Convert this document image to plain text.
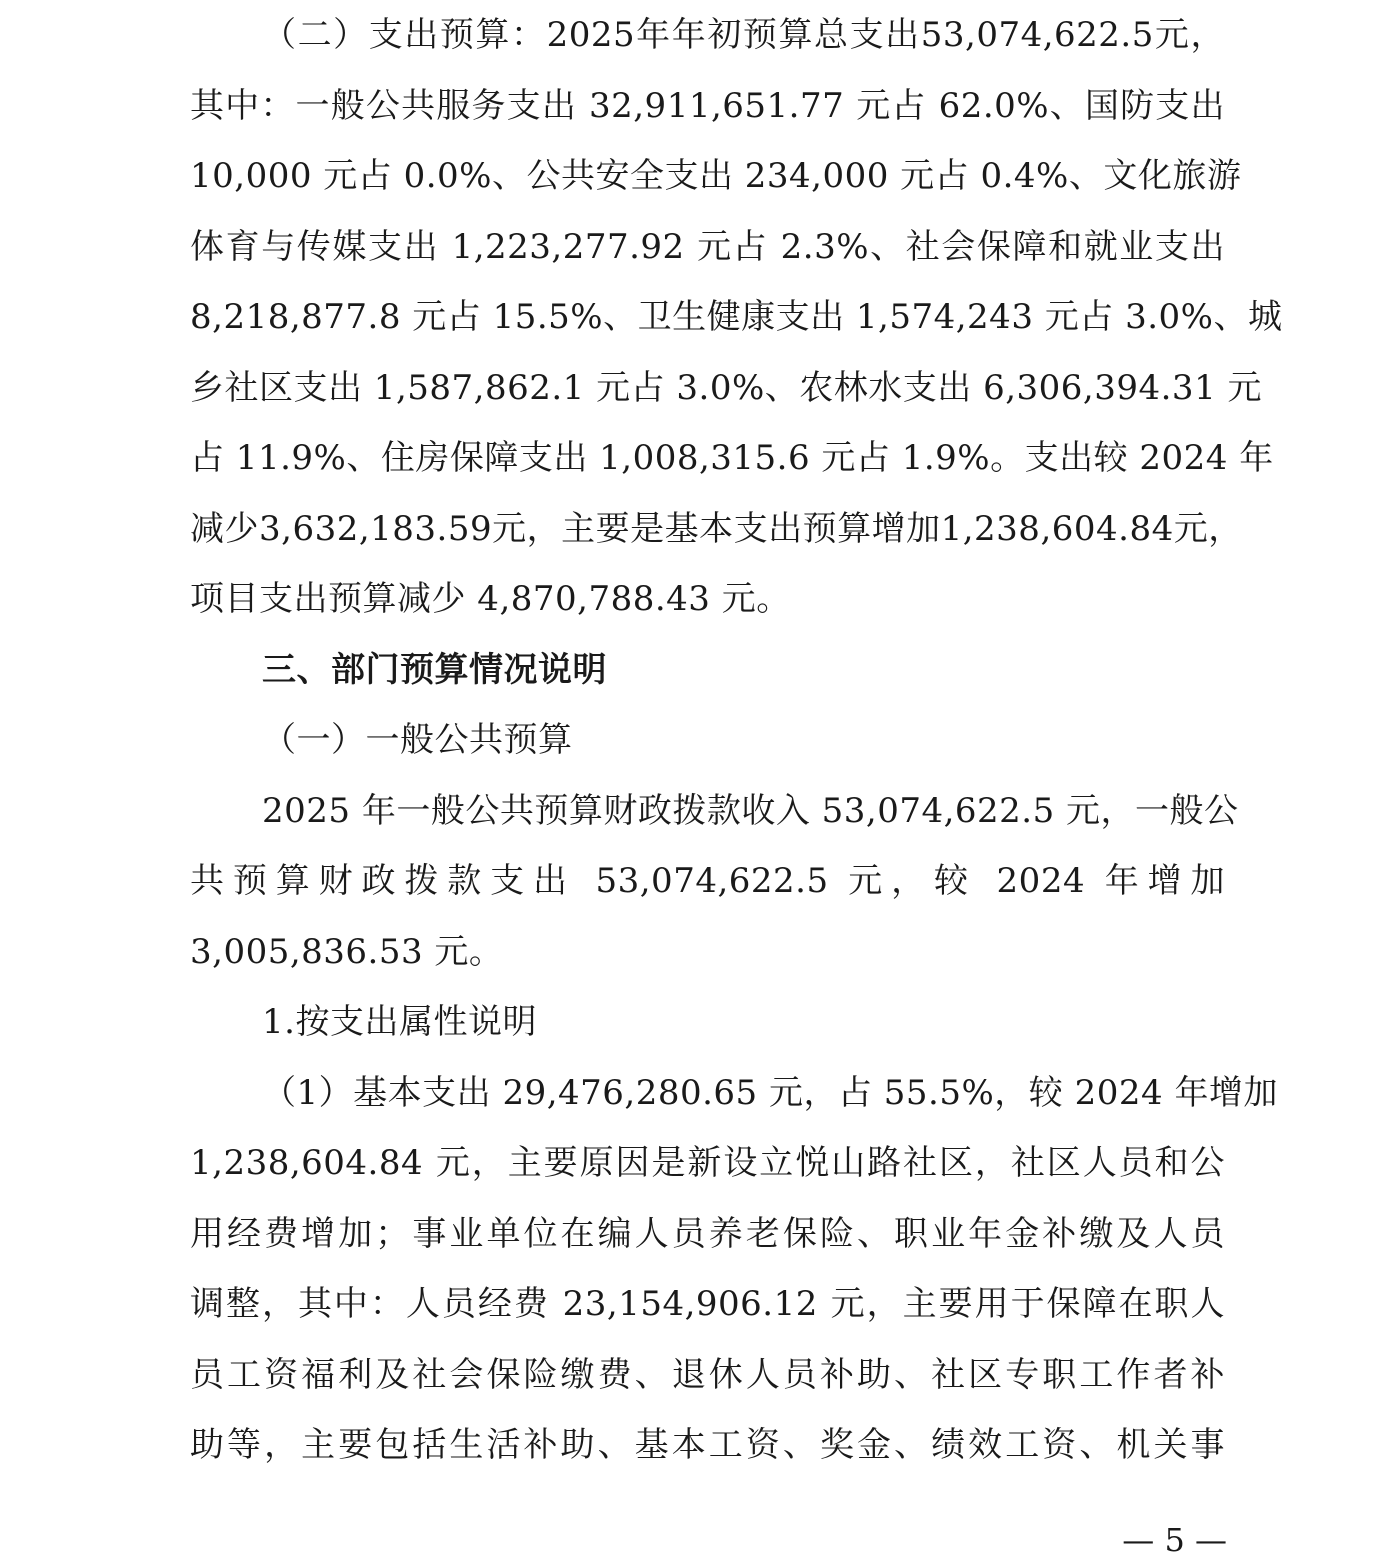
（二）支出预算：2025年年初预算总支出53,074,622.5元，
其中：一般公共服务支出 32,911,651.77 元占 62.0%、国防支出
10,000 元占 0.0%、公共安全支出 234,000 元占 0.4%、文化旅游
体育与传媒支出 1,223,277.92 元占 2.3%、社会保障和就业支出
8,218,877.8 元占 15.5%、卫生健康支出 1,574,243 元占 3.0%、城
乡社区支出 1,587,862.1 元占 3.0%、农林水支出 6,306,394.31 元
占 11.9%、住房保障支出 1,008,315.6 元占 1.9%。支出较 2024 年
减少3,632,183.59元，主要是基本支出预算增加1,238,604.84元，
项目支出预算减少 4,870,788.43 元。
三、部门预算情况说明
（一）一般公共预算
2025 年一般公共预算财政拨款收入 53,074,622.5 元，一般公
共预算财政拨款支出 53,074,622.5 元，较 2024 年增加
3,005,836.53 元。
1.按支出属性说明
（1）基本支出 29,476,280.65 元，占 55.5%，较 2024 年增加
1,238,604.84 元，主要原因是新设立悦山路社区，社区人员和公
用经费增加；事业单位在编人员养老保险、职业年金补缴及人员
调整，其中：人员经费 23,154,906.12 元，主要用于保障在职人
员工资福利及社会保险缴费、退休人员补助、社区专职工作者补
助等，主要包括生活补助、基本工资、奖金、绩效工资、机关事
— 5 —
